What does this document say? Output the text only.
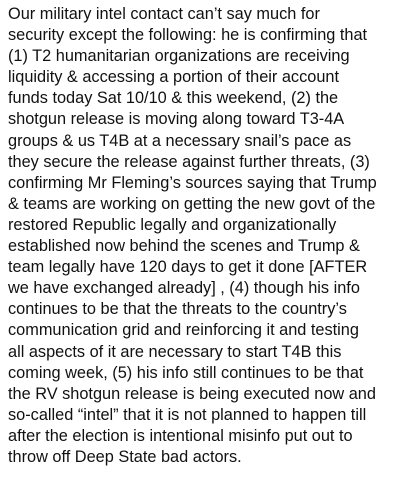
Our military intel contact can’t say much for
security except the following: he is confirming that
(1) T2 humanitarian organizations are receiving
liquidity & accessing a portion of their account
funds today Sat 10/10 & this weekend, (2) the
shotgun release is moving along toward T3-4A
groups & us T4B at a necessary snail’s pace as
they secure the release against further threats, (3)
confirming Mr Fleming’s sources saying that Trump
& teams are working on getting the new govt of the
restored Republic legally and organizationally
established now behind the scenes and Trump &
team legally have 120 days to get it done [AFTER
we have exchanged already] , (4) though his info
continues to be that the threats to the country’s
communication grid and reinforcing it and testing
all aspects of it are necessary to start T4B this
coming week, (5) his info still continues to be that
the RV shotgun release is being executed now and
so-called “intel” that it is not planned to happen till
after the election is intentional misinfo put out to
throw off Deep State bad actors.
